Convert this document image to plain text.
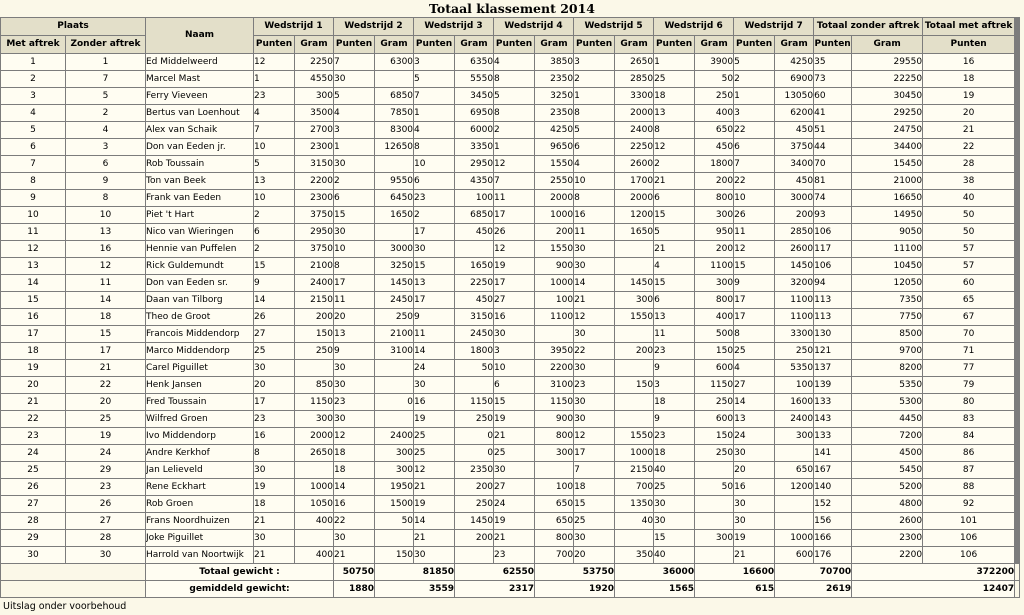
Totaal klassement 2014
Plaats		Naam	Wedstrijd 1		Wedstrijd 2		Wedstrijd 3		Wedstrijd 4		Wedstrijd 5		Wedstrijd 6		Wedstrijd 7		Totaal zonder aftrek		Totaal met aftrek	
Met aftrek	Zonder aftrek		Punten	Gram	Punten	Gram	Punten	Gram	Punten	Gram	Punten	Gram	Punten	Gram	Punten	Gram	Punten	Gram	Punten	
1	1	Ed Middelweerd	12	2250	7	6300	3	6350	4	3850	3	2650	1	3900	5	4250	35	29550	16	
2	7	Marcel Mast	1	4550	30		5	5550	8	2350	2	2850	25	50	2	6900	73	22250	18	
3	5	Ferry Vieveen	23	300	5	6850	7	3450	5	3250	1	3300	18	250	1	13050	60	30450	19	
4	2	Bertus van Loenhout	4	3500	4	7850	1	6950	8	2350	8	2000	13	400	3	6200	41	29250	20	
5	4	Alex van Schaik	7	2700	3	8300	4	6000	2	4250	5	2400	8	650	22	450	51	24750	21	
6	3	Don van Eeden jr.	10	2300	1	12650	8	3350	1	9650	6	2250	12	450	6	3750	44	34400	22	
7	6	Rob Toussain	5	3150	30		10	2950	12	1550	4	2600	2	1800	7	3400	70	15450	28	
8	9	Ton van Beek	13	2200	2	9550	6	4350	7	2550	10	1700	21	200	22	450	81	21000	38	
9	8	Frank van Eeden	10	2300	6	6450	23	100	11	2000	8	2000	6	800	10	3000	74	16650	40	
10	10	Piet 't Hart	2	3750	15	1650	2	6850	17	1000	16	1200	15	300	26	200	93	14950	50	
11	13	Nico van Wieringen	6	2950	30		17	450	26	200	11	1650	5	950	11	2850	106	9050	50	
12	16	Hennie van Puffelen	2	3750	10	3000	30		12	1550	30		21	200	12	2600	117	11100	57	
13	12	Rick Guldemundt	15	2100	8	3250	15	1650	19	900	30		4	1100	15	1450	106	10450	57	
14	11	Don van Eeden sr.	9	2400	17	1450	13	2250	17	1000	14	1450	15	300	9	3200	94	12050	60	
15	14	Daan van Tilborg	14	2150	11	2450	17	450	27	100	21	300	6	800	17	1100	113	7350	65	
16	18	Theo de Groot	26	200	20	250	9	3150	16	1100	12	1550	13	400	17	1100	113	7750	67	
17	15	Francois Middendorp	27	150	13	2100	11	2450	30		30		11	500	8	3300	130	8500	70	
18	17	Marco Middendorp	25	250	9	3100	14	1800	3	3950	22	200	23	150	25	250	121	9700	71	
19	21	Carel Piguillet	30		30		24	50	10	2200	30		9	600	4	5350	137	8200	77	
20	22	Henk Jansen	20	850	30		30		6	3100	23	150	3	1150	27	100	139	5350	79	
21	20	Fred Toussain	17	1150	23	0	16	1150	15	1150	30		18	250	14	1600	133	5300	80	
22	25	Wilfred Groen	23	300	30		19	250	19	900	30		9	600	13	2400	143	4450	83	
23	19	Ivo Middendorp	16	2000	12	2400	25	0	21	800	12	1550	23	150	24	300	133	7200	84	
24	24	Andre Kerkhof	8	2650	18	300	25	0	25	300	17	1000	18	250	30		141	4500	86	
25	29	Jan Lelieveld	30		18	300	12	2350	30		7	2150	40		20	650	167	5450	87	
26	23	Rene Eckhart	19	1000	14	1950	21	200	27	100	18	700	25	50	16	1200	140	5200	88	
27	26	Rob Groen	18	1050	16	1500	19	250	24	650	15	1350	30		30		152	4800	92	
28	27	Frans Noordhuizen	21	400	22	50	14	1450	19	650	25	40	30		30		156	2600	101	
29	28	Joke Piguillet	30		30		21	200	21	800	30		15	300	19	1000	166	2300	106	
30	30	Harrold van Noortwijk	21	400	21	150	30		23	700	20	350	40		21	600	176	2200	106	
		Totaal gewicht :			50750	81850		62550		53750		36000		16600		70700		372200		
		gemiddeld gewicht:			1880	3559		2317		1920		1565		615		2619		12407		
Uitslag onder voorbehoud
